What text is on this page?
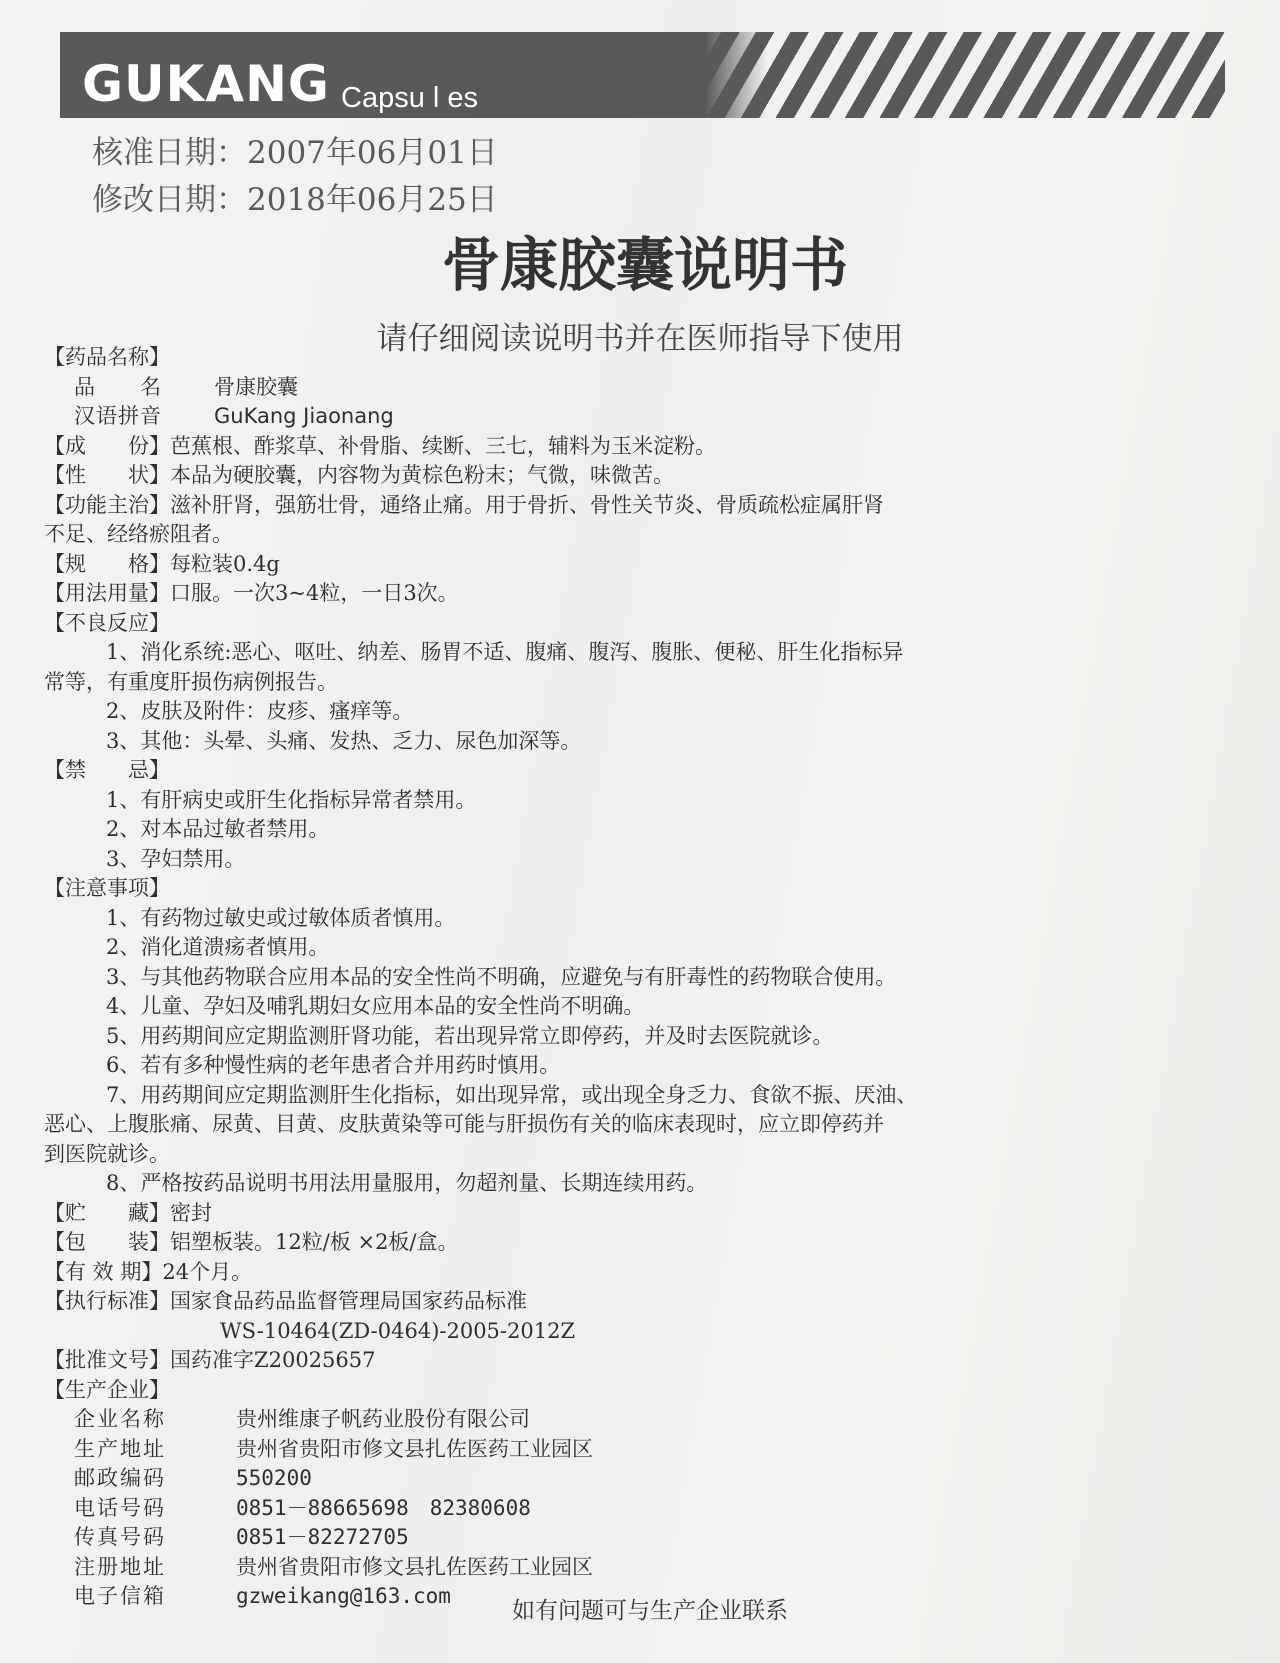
GUKANG Capsu l es
核准日期：2007年06月01日
修改日期：2018年06月25日
骨康胶囊说明书
请仔细阅读说明书并在医师指导下使用
【药品名称】
品　　名	骨康胶囊
汉语拼音	GuKang Jiaonang
【成　　份】 芭蕉根、酢浆草、补骨脂、续断、三七，辅料为玉米淀粉。
【性　　状】 本品为硬胶囊，内容物为黄棕色粉末；气微，味微苦。
【功能主治】 滋补肝肾，强筋壮骨，通络止痛。用于骨折、骨性关节炎、骨质疏松症属肝肾
不足、经络瘀阻者。
【规　　格】 每粒装0.4g
【用法用量】 口服。一次3~4粒，一日3次。
【不良反应】
1、消化系统:恶心、呕吐、纳差、肠胃不适、腹痛、腹泻、腹胀、便秘、肝生化指标异
常等，有重度肝损伤病例报告。
2、皮肤及附件：皮疹、瘙痒等。
3、其他：头晕、头痛、发热、乏力、尿色加深等。
【禁　　忌】
1、有肝病史或肝生化指标异常者禁用。
2、对本品过敏者禁用。
3、孕妇禁用。
【注意事项】
1、有药物过敏史或过敏体质者慎用。
2、消化道溃疡者慎用。
3、与其他药物联合应用本品的安全性尚不明确，应避免与有肝毒性的药物联合使用。
4、儿童、孕妇及哺乳期妇女应用本品的安全性尚不明确。
5、用药期间应定期监测肝肾功能，若出现异常立即停药，并及时去医院就诊。
6、若有多种慢性病的老年患者合并用药时慎用。
7、用药期间应定期监测肝生化指标，如出现异常，或出现全身乏力、食欲不振、厌油、
恶心、上腹胀痛、尿黄、目黄、皮肤黄染等可能与肝损伤有关的临床表现时，应立即停药并
到医院就诊。
8、严格按药品说明书用法用量服用，勿超剂量、长期连续用药。
【贮　　藏】 密封
【包　　装】 铝塑板装。12粒/板 ×2板/盒。
【有 效 期】 24个月。
【执行标准】 国家食品药品监督管理局国家药品标准
WS-10464(ZD-0464)-2005-2012Z
【批准文号】 国药准字Z20025657
【生产企业】
企业名称	贵州维康子帆药业股份有限公司
生产地址	贵州省贵阳市修文县扎佐医药工业园区
邮政编码	550200
电话号码	0851－88665698　82380608
传真号码	0851－82272705
注册地址	贵州省贵阳市修文县扎佐医药工业园区
电子信箱	gzweikang@163.com
如有问题可与生产企业联系
